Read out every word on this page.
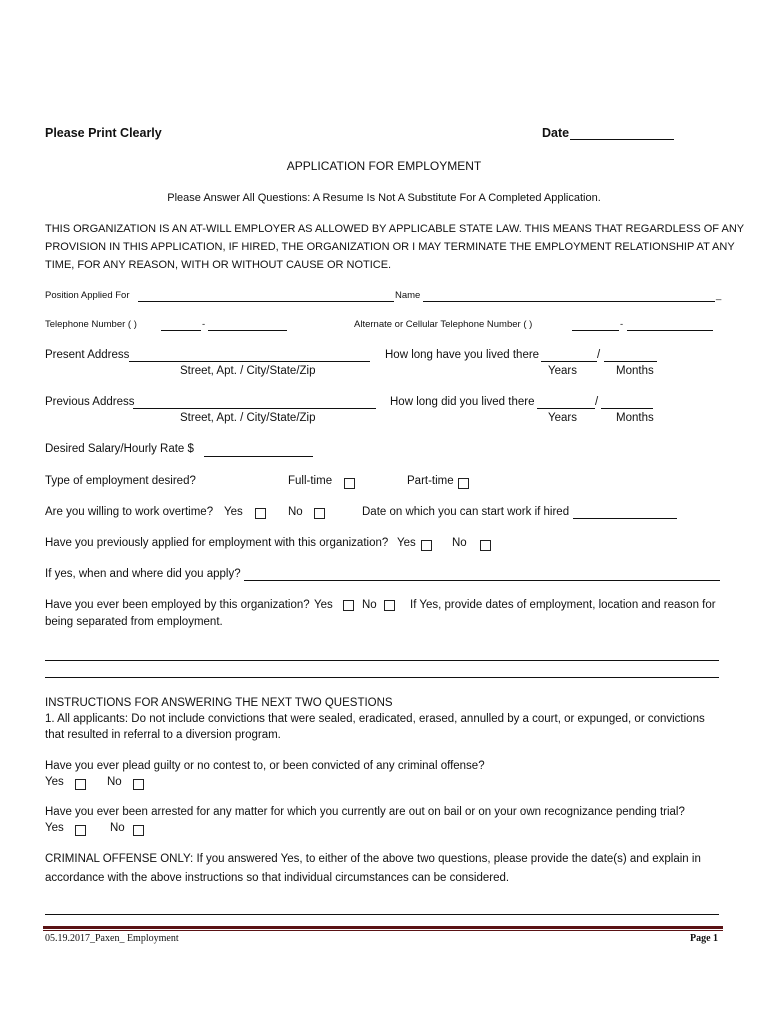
Please Print Clearly	Date
APPLICATION FOR EMPLOYMENT
Please Answer All Questions: A Resume Is Not A Substitute For A Completed Application.
THIS ORGANIZATION IS AN AT-WILL EMPLOYER AS ALLOWED BY APPLICABLE STATE LAW. THIS MEANS THAT REGARDLESS OF ANY
PROVISION IN THIS APPLICATION, IF HIRED, THE ORGANIZATION OR I MAY TERMINATE THE EMPLOYMENT RELATIONSHIP AT ANY
TIME, FOR ANY REASON, WITH OR WITHOUT CAUSE OR NOTICE.
Position Applied For	Name	_
Telephone Number ( )	-	Alternate or Cellular Telephone Number ( )	-
Present Address	How long have you lived there	/
Street, Apt. / City/State/Zip	Years	Months
Previous Address	How long did you lived there	/
Street, Apt. / City/State/Zip	Years	Months
Desired Salary/Hourly Rate $
Type of employment desired?	Full-time	Part-time
Are you willing to work overtime? Yes	No	Date on which you can start work if hired
Have you previously applied for employment with this organization? Yes	No
If yes, when and where did you apply?
Have you ever been employed by this organization? Yes	No	If Yes, provide dates of employment, location and reason for
being separated from employment.
INSTRUCTIONS FOR ANSWERING THE NEXT TWO QUESTIONS
1. All applicants: Do not include convictions that were sealed, eradicated, erased, annulled by a court, or expunged, or convictions
that resulted in referral to a diversion program.
Have you ever plead guilty or no contest to, or been convicted of any criminal offense?
Yes	No
Have you ever been arrested for any matter for which you currently are out on bail or on your own recognizance pending trial?
Yes	No
CRIMINAL OFFENSE ONLY: If you answered Yes, to either of the above two questions, please provide the date(s) and explain in
accordance with the above instructions so that individual circumstances can be considered.
05.19.2017_Paxen_ Employment	Page 1
